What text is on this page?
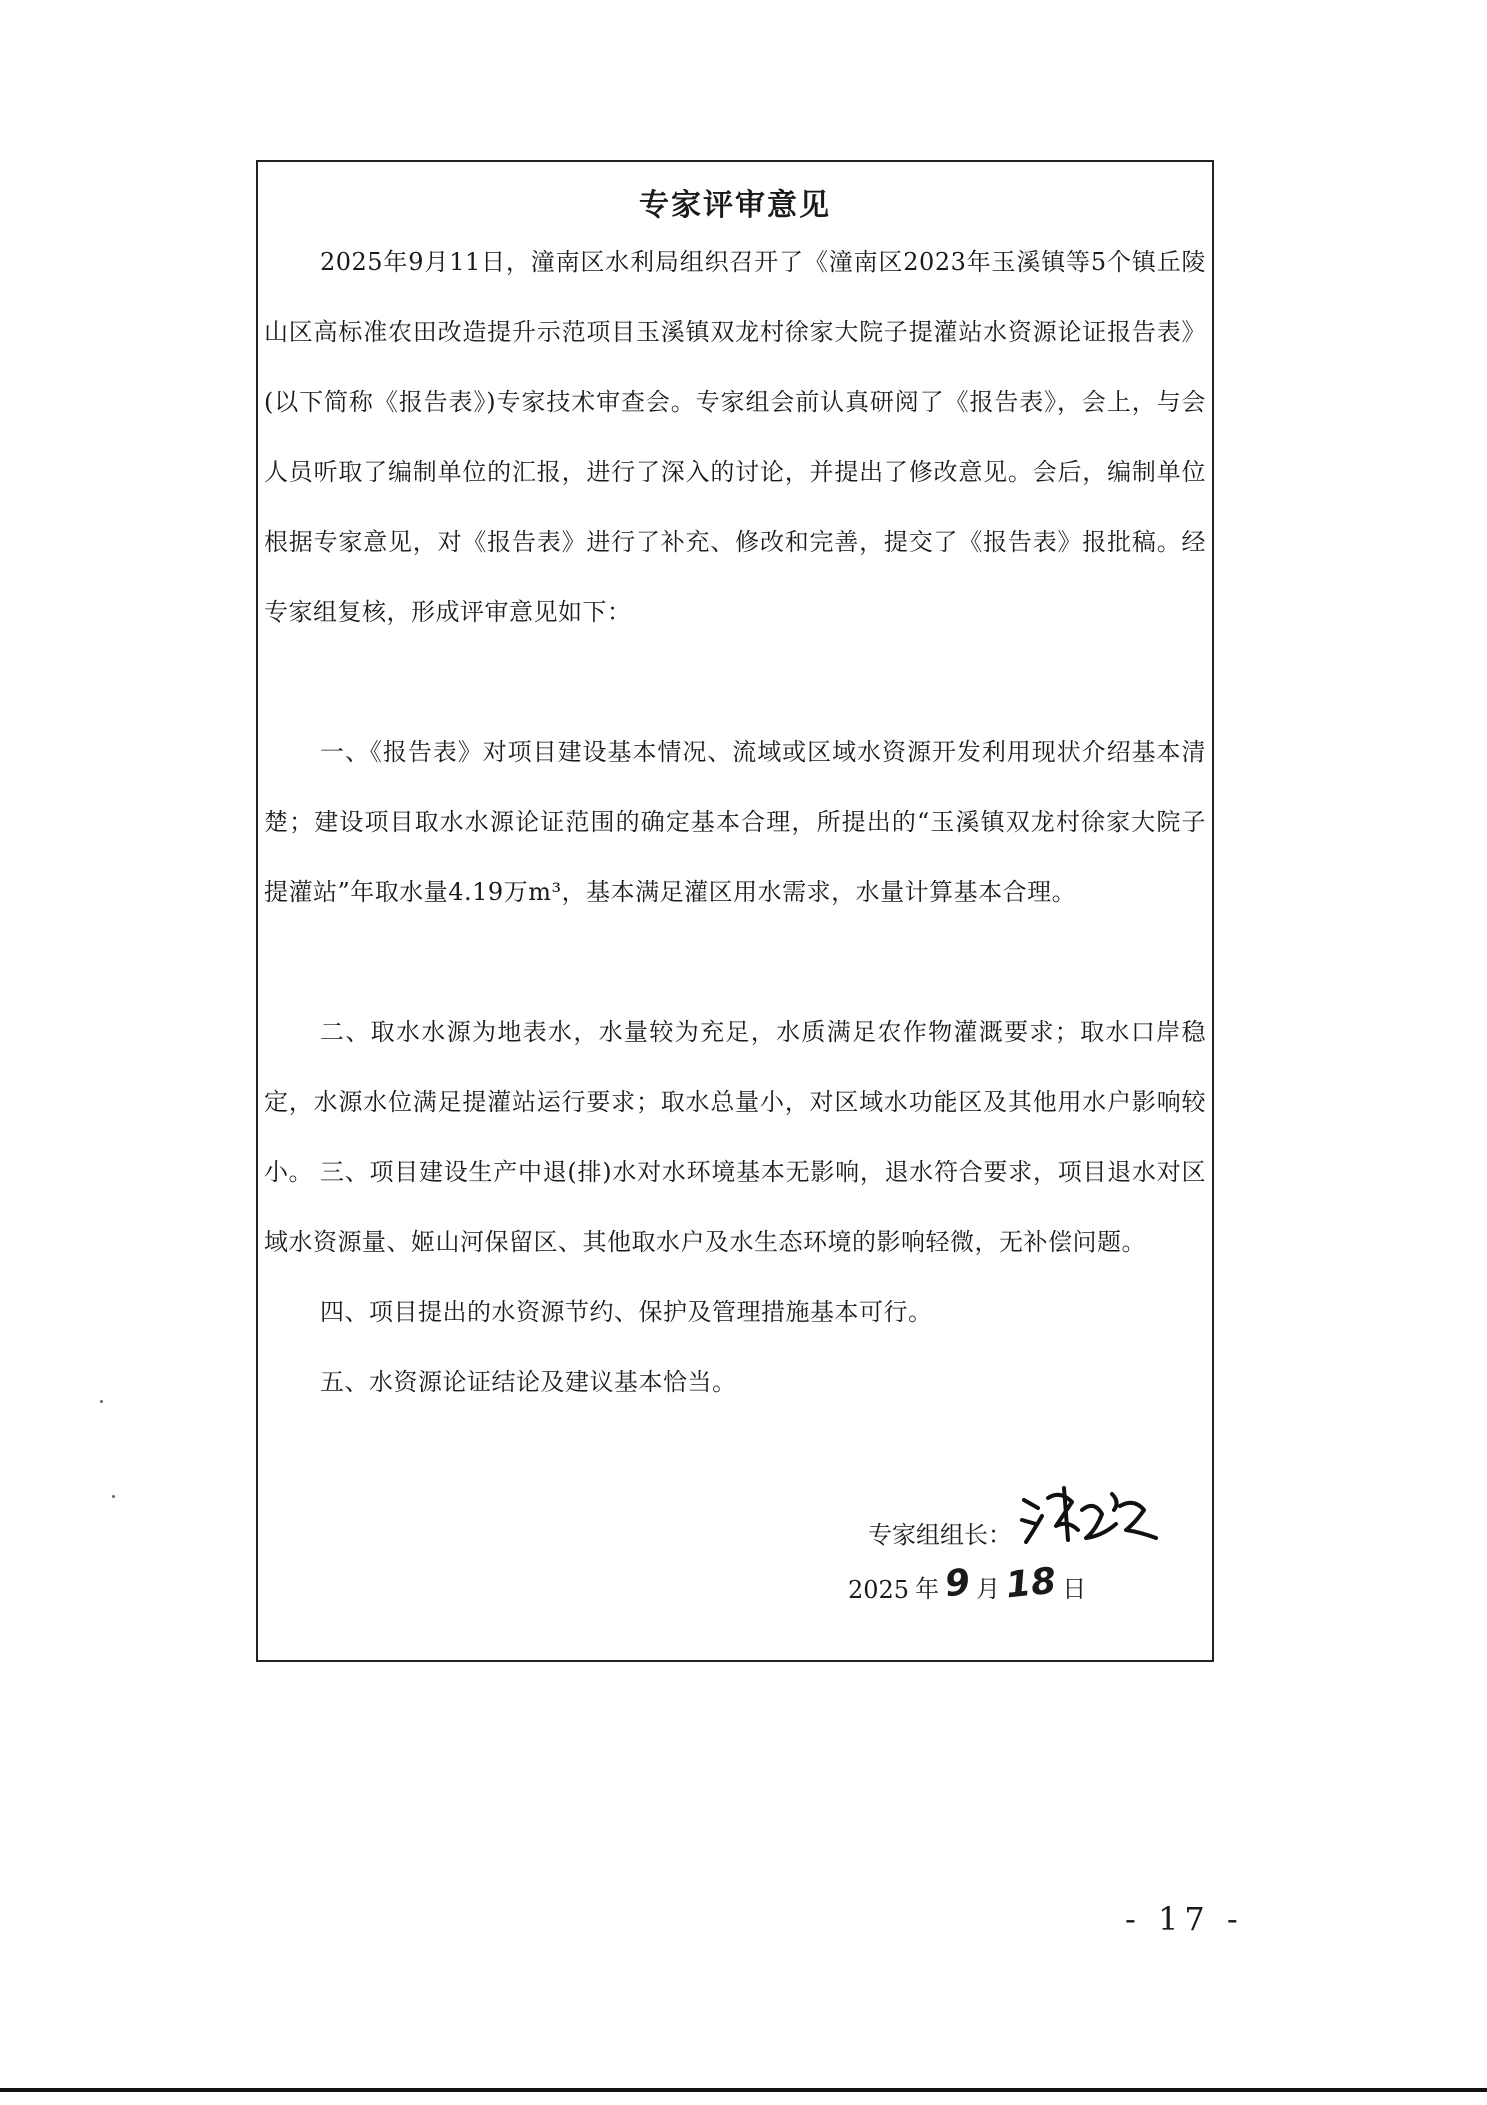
专家评审意见
2025年9月11日，潼南区水利局组织召开了《潼南区2023年玉溪镇等5个镇丘陵山区高标准农田改造提升示范项目玉溪镇双龙村徐家大院子提灌站水资源论证报告表》(以下简称《报告表》)专家技术审查会。专家组会前认真研阅了《报告表》，会上，与会人员听取了编制单位的汇报，进行了深入的讨论，并提出了修改意见。会后，编制单位根据专家意见，对《报告表》进行了补充、修改和完善，提交了《报告表》报批稿。经专家组复核，形成评审意见如下：
一、《报告表》对项目建设基本情况、流域或区域水资源开发利用现状介绍基本清楚；建设项目取水水源论证范围的确定基本合理，所提出的“玉溪镇双龙村徐家大院子提灌站”年取水量4.19万m³，基本满足灌区用水需求，水量计算基本合理。
二、取水水源为地表水，水量较为充足，水质满足农作物灌溉要求；取水口岸稳定，水源水位满足提灌站运行要求；取水总量小，对区域水功能区及其他用水户影响较小。 三、项目建设生产中退(排)水对水环境基本无影响，退水符合要求，项目退水对区域水资源量、姬山河保留区、其他取水户及水生态环境的影响轻微，无补偿问题。
四、项目提出的水资源节约、保护及管理措施基本可行。
五、水资源论证结论及建议基本恰当。
专家组组长：
2025 年 9 月 18 日
- 17 -
